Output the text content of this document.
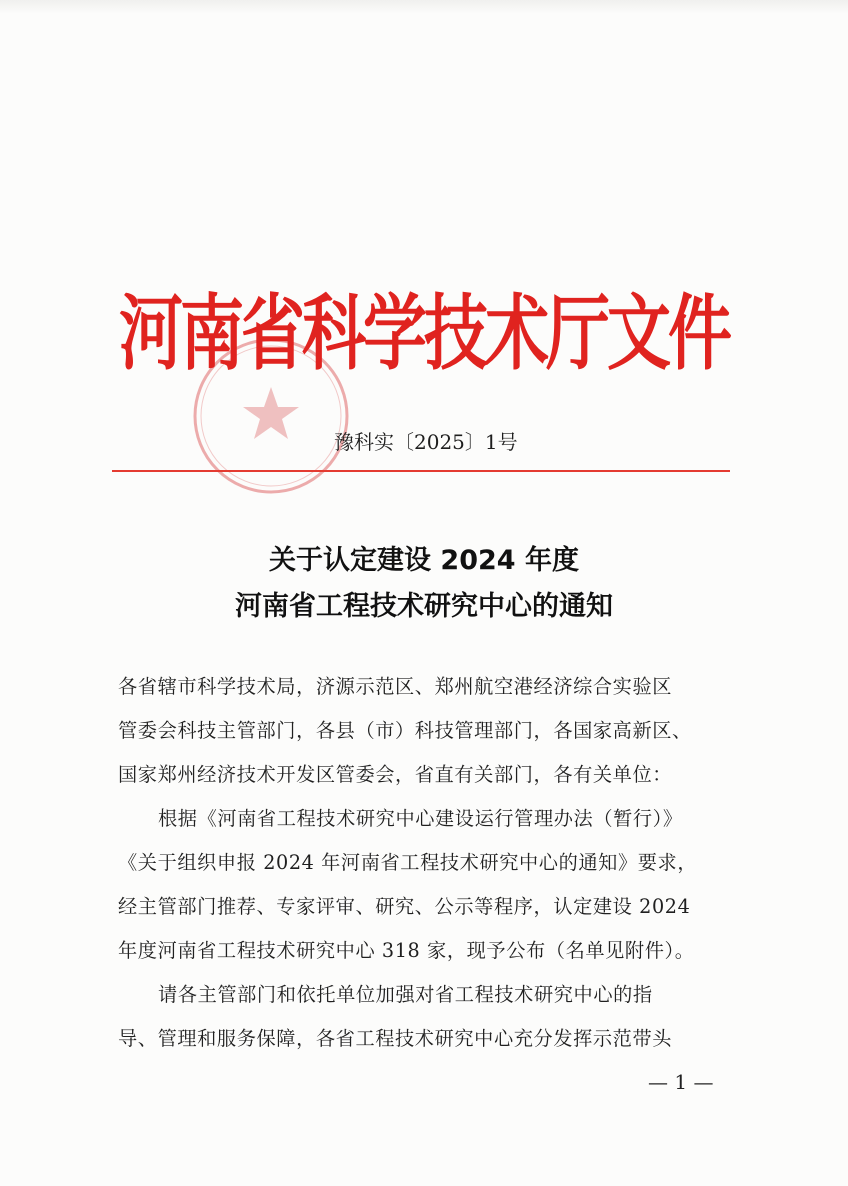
河南省科学技术厅文件
豫科实〔2025〕1号
关于认定建设 2024 年度
河南省工程技术研究中心的通知
各省辖市科学技术局，济源示范区、郑州航空港经济综合实验区
管委会科技主管部门，各县（市）科技管理部门，各国家高新区、
国家郑州经济技术开发区管委会，省直有关部门，各有关单位：
根据《河南省工程技术研究中心建设运行管理办法（暂行）》
《关于组织申报 2024 年河南省工程技术研究中心的通知》要求，
经主管部门推荐、专家评审、研究、公示等程序，认定建设 2024
年度河南省工程技术研究中心 318 家，现予公布（名单见附件）。
请各主管部门和依托单位加强对省工程技术研究中心的指
导、管理和服务保障，各省工程技术研究中心充分发挥示范带头
— 1 —
